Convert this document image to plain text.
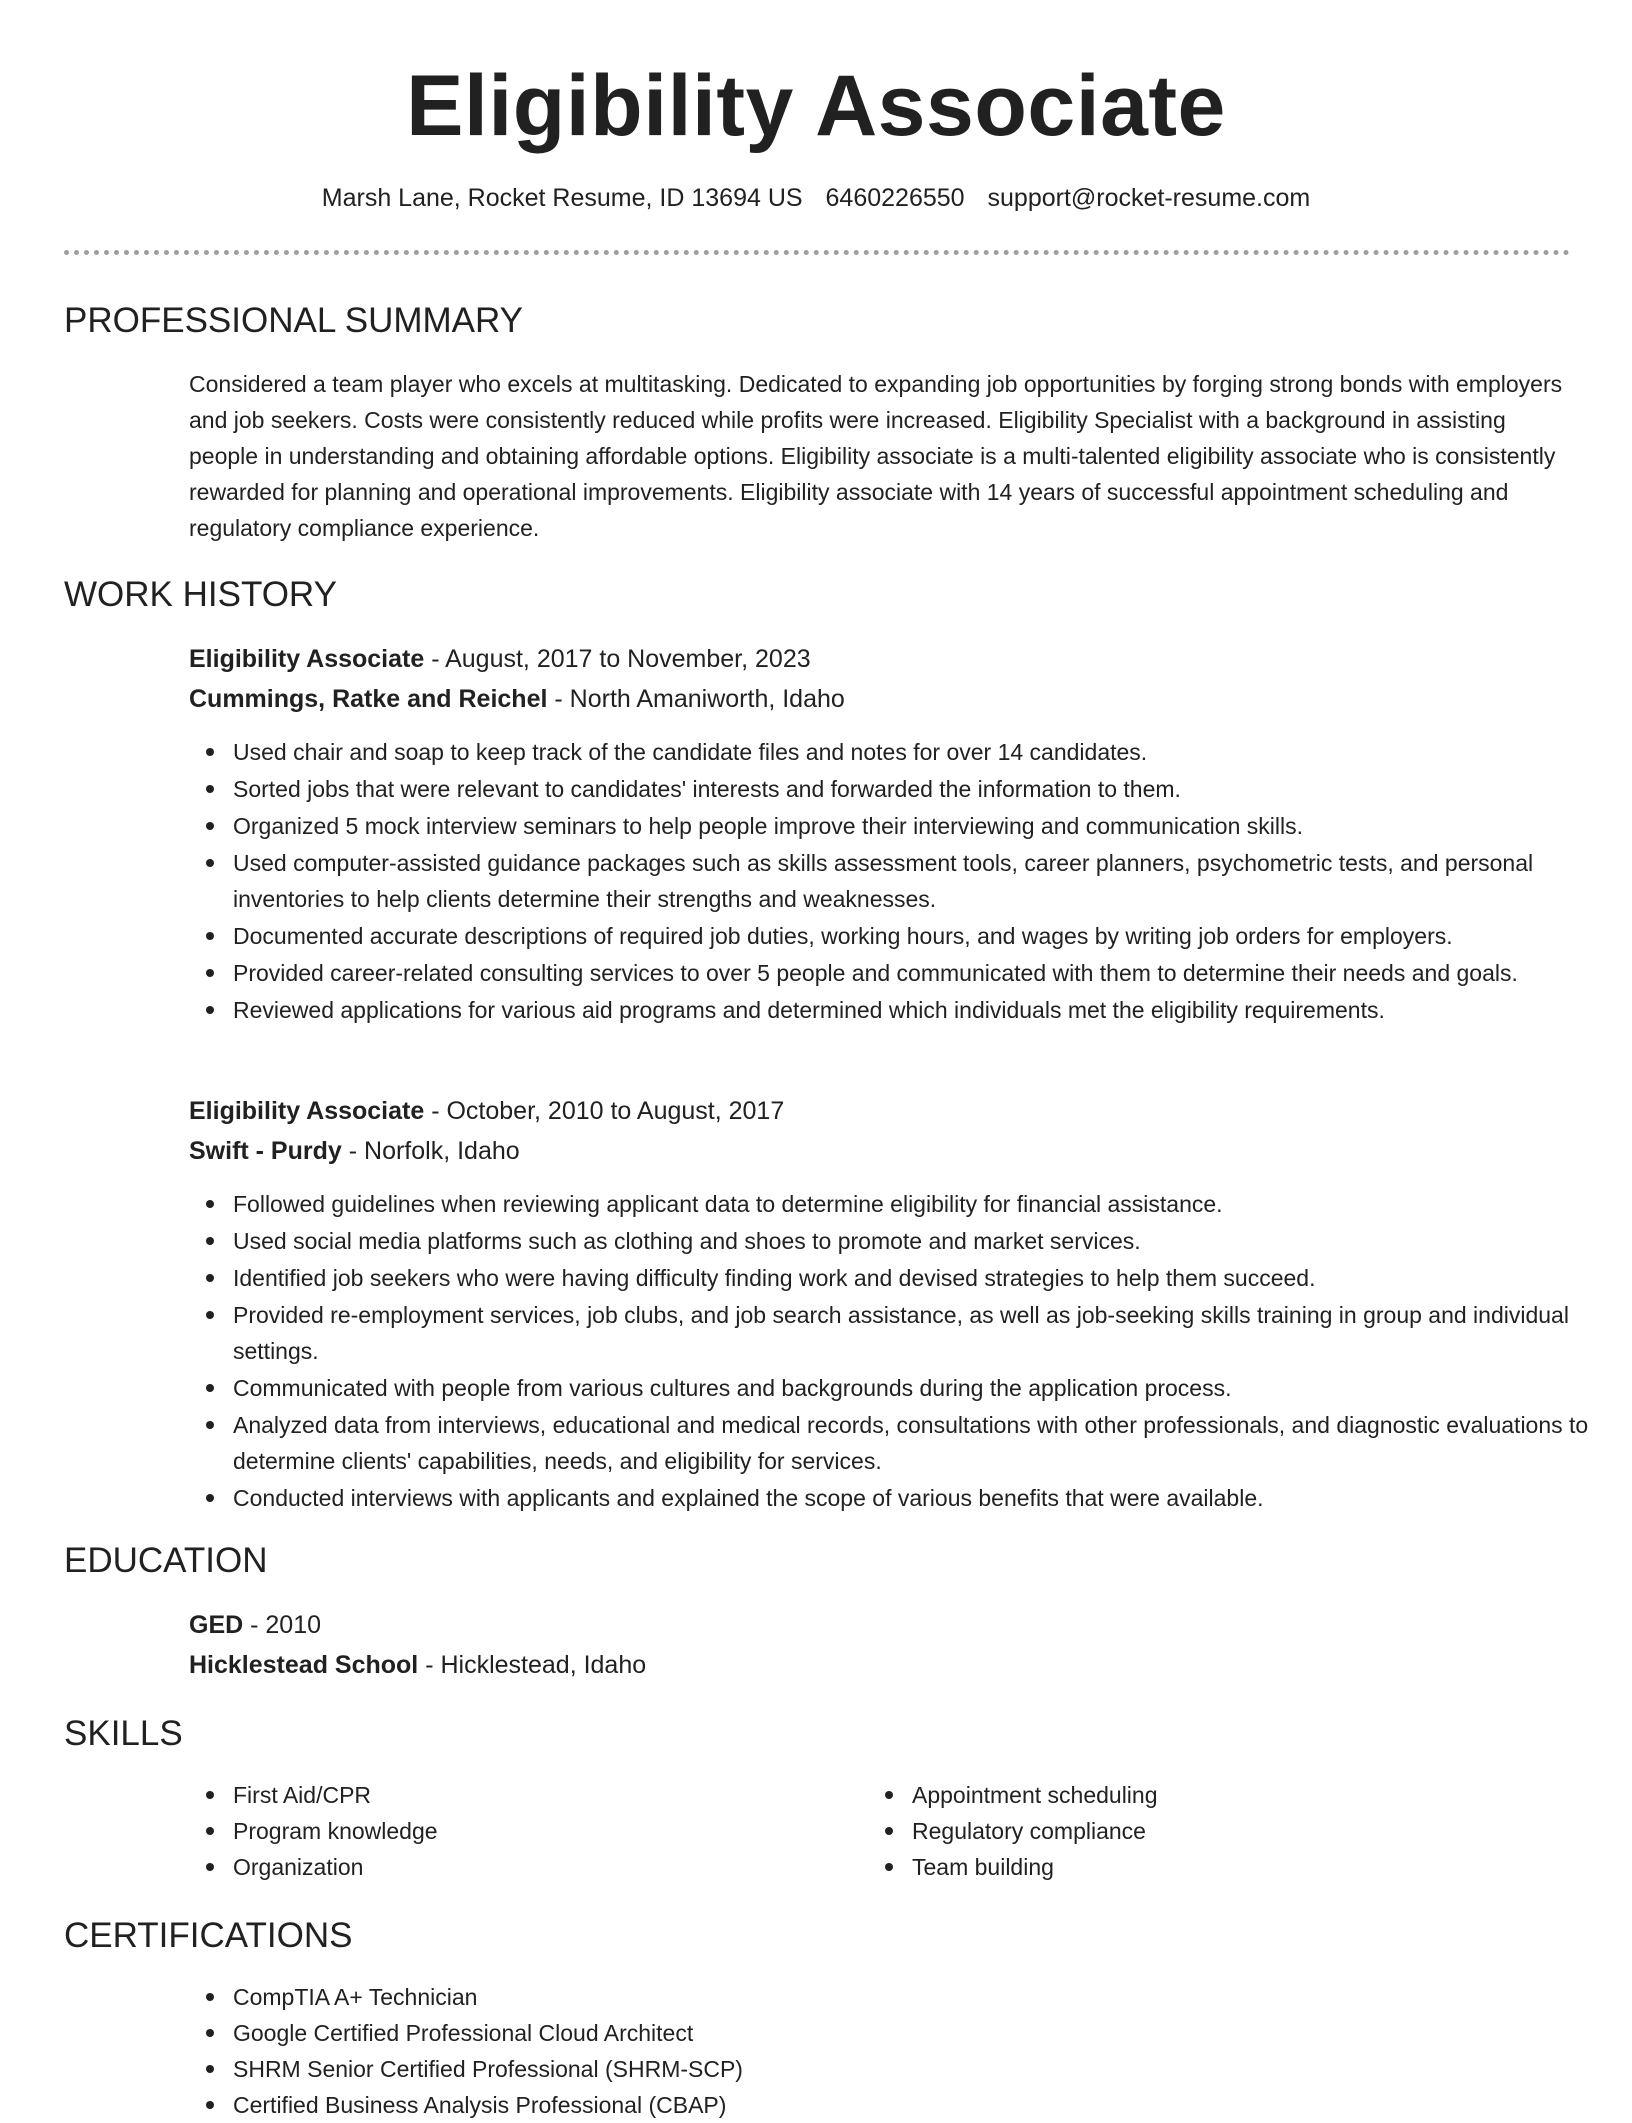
Eligibility Associate
Marsh Lane, Rocket Resume, ID 13694 US 6460226550 support@rocket-resume.com
PROFESSIONAL SUMMARY

Considered a team player who excels at multitasking. Dedicated to expanding job opportunities by forging strong bonds with employers and job seekers. Costs were consistently reduced while profits were increased. Eligibility Specialist with a background in assisting people in understanding and obtaining affordable options. Eligibility associate is a multi-talented eligibility associate who is consistently rewarded for planning and operational improvements. Eligibility associate with 14 years of successful appointment scheduling and regulatory compliance experience.

WORK HISTORY
Eligibility Associate - August, 2017 to November, 2023
Cummings, Ratke and Reichel - North Amaniworth, Idaho
Used chair and soap to keep track of the candidate files and notes for over 14 candidates.
Sorted jobs that were relevant to candidates' interests and forwarded the information to them.
Organized 5 mock interview seminars to help people improve their interviewing and communication skills.
Used computer-assisted guidance packages such as skills assessment tools, career planners, psychometric tests, and personal inventories to help clients determine their strengths and weaknesses.
Documented accurate descriptions of required job duties, working hours, and wages by writing job orders for employers.
Provided career-related consulting services to over 5 people and communicated with them to determine their needs and goals.
Reviewed applications for various aid programs and determined which individuals met the eligibility requirements.
Eligibility Associate - October, 2010 to August, 2017
Swift - Purdy - Norfolk, Idaho
Followed guidelines when reviewing applicant data to determine eligibility for financial assistance.
Used social media platforms such as clothing and shoes to promote and market services.
Identified job seekers who were having difficulty finding work and devised strategies to help them succeed.
Provided re-employment services, job clubs, and job search assistance, as well as job-seeking skills training in group and individual settings.
Communicated with people from various cultures and backgrounds during the application process.
Analyzed data from interviews, educational and medical records, consultations with other professionals, and diagnostic evaluations to determine clients' capabilities, needs, and eligibility for services.
Conducted interviews with applicants and explained the scope of various benefits that were available.
EDUCATION
GED - 2010
Hicklestead School - Hicklestead, Idaho
SKILLS
First Aid/CPR
Program knowledge
Organization
Appointment scheduling
Regulatory compliance
Team building
CERTIFICATIONS
CompTIA A+ Technician
Google Certified Professional Cloud Architect
SHRM Senior Certified Professional (SHRM-SCP)
Certified Business Analysis Professional (CBAP)
